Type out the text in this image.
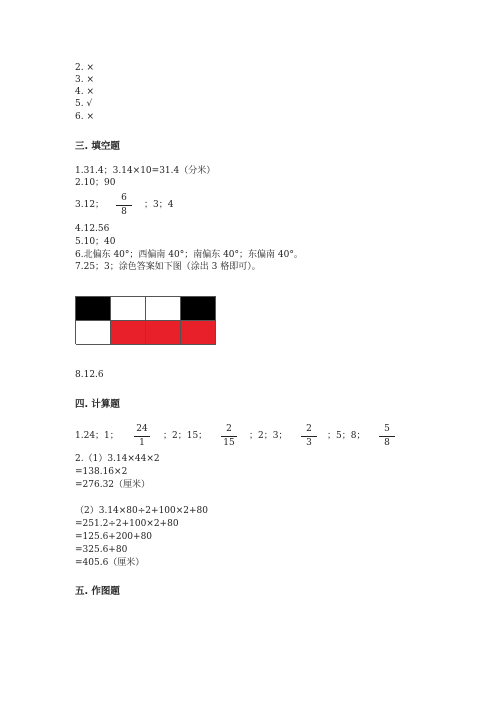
2. ×
3. ×
4. ×
5. √
6. ×
三. 填空题
1.31.4；3.14×10=31.4（分米）
2.10；90
3.12；
6
8
；3；4
4.12.56
5.10；40
6.北偏东 40°；西偏南 40°；南偏东 40°；东偏南 40°。
7.25；3；涂色答案如下图（涂出 3 格即可）。
8.12.6
四. 计算题
1.24；1；
24
1
；2；15；
2
15
；2；3；
2
3
；5；8；
5
8
2.（1）3.14×44×2
=138.16×2
=276.32（厘米）
（2）3.14×80÷2+100×2+80
=251.2÷2+100×2+80
=125.6+200+80
=325.6+80
=405.6（厘米）
五. 作图题
